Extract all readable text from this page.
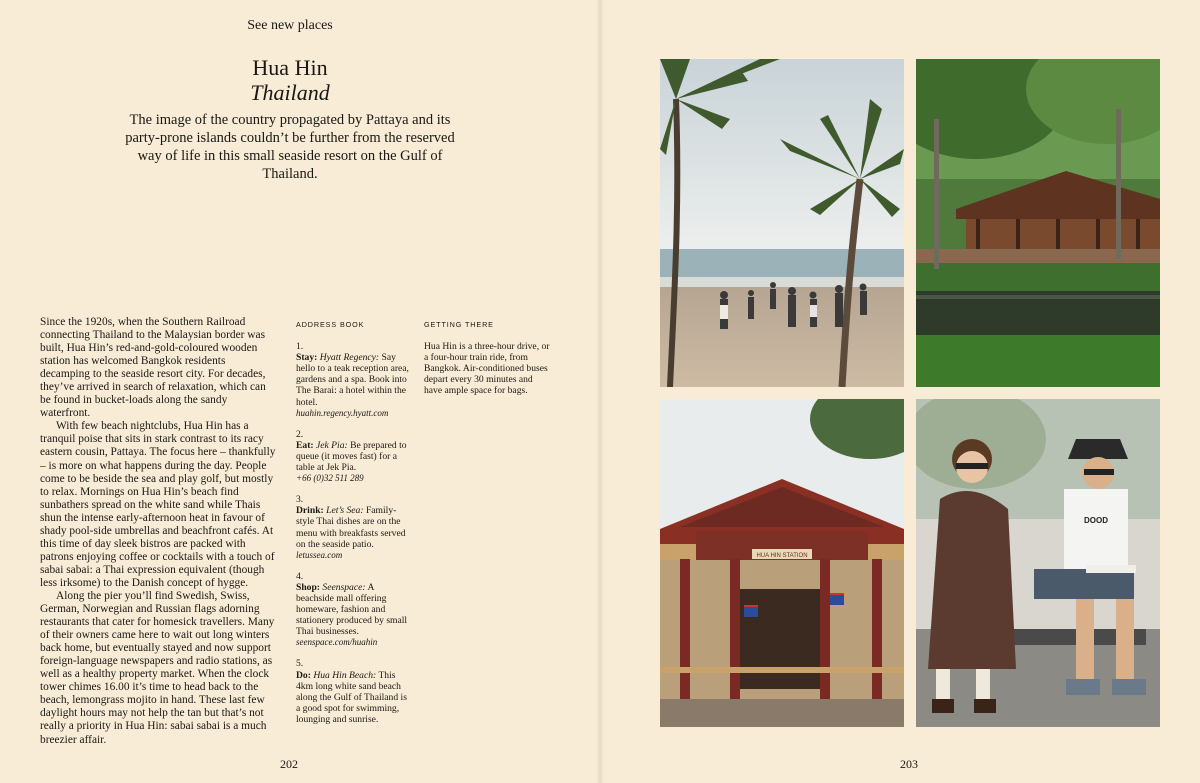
See new places
Hua Hin
Thailand
The image of the country propagated by Pattaya and its party-prone islands couldn’t be further from the reserved way of life in this small seaside resort on the Gulf of Thailand.

Since the 1920s, when the Southern Railroad connecting Thailand to the Malaysian border was built, Hua Hin’s red-and-gold-coloured wooden station has welcomed Bangkok residents decamping to the seaside resort city. For decades, they’ve arrived in search of relaxation, which can be found in bucket-loads along the sandy waterfront.

With few beach nightclubs, Hua Hin has a tranquil poise that sits in stark contrast to its racy eastern cousin, Pattaya. The focus here – thankfully – is more on what happens during the day. People come to be beside the sea and play golf, but mostly to relax. Mornings on Hua Hin’s beach find sunbathers spread on the white sand while Thais shun the intense early-afternoon heat in favour of shady pool-side umbrellas and beachfront cafés. At this time of day sleek bistros are packed with patrons enjoying coffee or cocktails with a touch of sabai sabai: a Thai expression equivalent (though less irksome) to the Danish concept of hygge.

Along the pier you’ll find Swedish, Swiss, German, Norwegian and Russian flags adorning restaurants that cater for homesick travellers. Many of their owners came here to wait out long winters back home, but eventually stayed and now support foreign-language newspapers and radio stations, as well as a healthy property market. When the clock tower chimes 16.00 it’s time to head back to the beach, lemongrass mojito in hand. These last few daylight hours may not help the tan but that’s not really a priority in Hua Hin: sabai sabai is a much breezier affair.

ADDRESS BOOK
1.
Stay: Hyatt Regency: Say hello to a teak reception area, gardens and a spa. Book into The Barai: a hotel within the hotel.
huahin.regency.hyatt.com
2.
Eat: Jek Pia: Be prepared to queue (it moves fast) for a table at Jek Pia.
+66 (0)32 511 289
3.
Drink: Let’s Sea: Family-style Thai dishes are on the menu with breakfasts served on the seaside patio.
letussea.com
4.
Shop: Seenspace: A beachside mall offering homeware, fashion and stationery produced by small Thai businesses.
seenspace.com/huahin
5.
Do: Hua Hin Beach: This 4km long white sand beach along the Gulf of Thailand is a good spot for swimming, lounging and sunrise.
GETTING THERE
Hua Hin is a three-hour drive, or a four-hour train ride, from Bangkok. Air-conditioned buses depart every 30 minutes and have ample space for bags.
202
HUA HIN STATION
DOOD
203
